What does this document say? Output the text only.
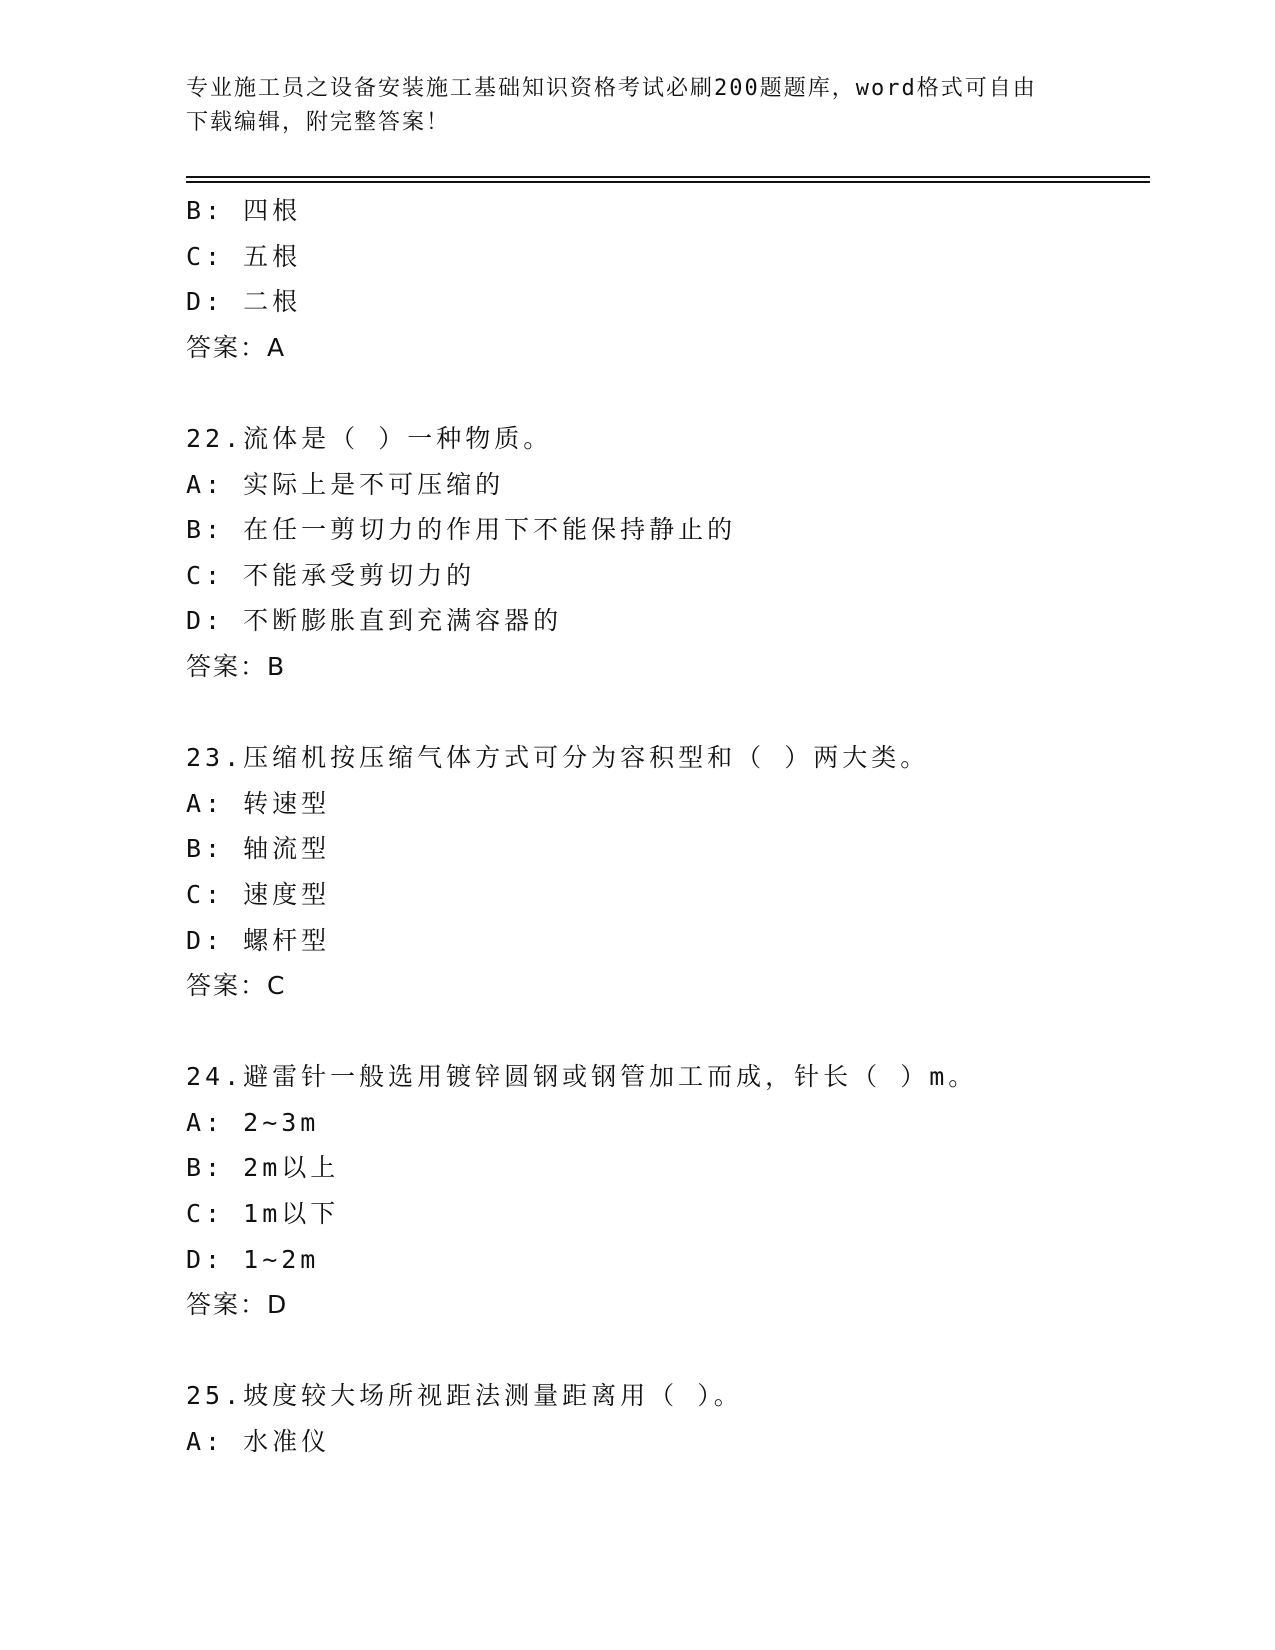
专业施工员之设备安装施工基础知识资格考试必刷200题题库，word格式可自由
下载编辑，附完整答案！
B: 四根
C: 五根
D: 二根
答案：A
22.流体是（ ）一种物质。
A: 实际上是不可压缩的
B: 在任一剪切力的作用下不能保持静止的
C: 不能承受剪切力的
D: 不断膨胀直到充满容器的
答案：B
23.压缩机按压缩气体方式可分为容积型和（ ）两大类。
A: 转速型
B: 轴流型
C: 速度型
D: 螺杆型
答案：C
24.避雷针一般选用镀锌圆钢或钢管加工而成，针长（ ）m。
A: 2~3m
B: 2m以上
C: 1m以下
D: 1~2m
答案：D
25.坡度较大场所视距法测量距离用（ ）。
A: 水准仪
